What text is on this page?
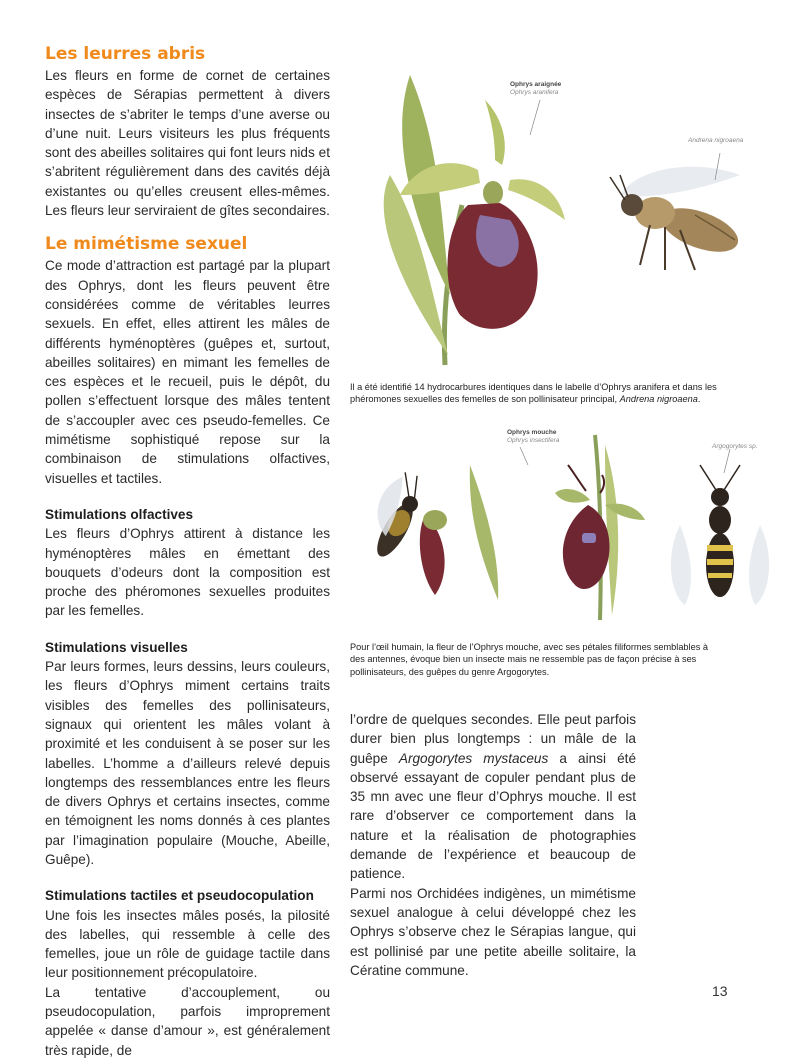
Les leurres abris

Les fleurs en forme de cornet de certaines espèces de Sérapias permettent à divers insectes de s’abriter le temps d’une averse ou d’une nuit. Leurs visiteurs les plus fréquents sont des abeilles solitaires qui font leurs nids et s’abritent régulièrement dans des cavités déjà existantes ou qu’elles creusent elles-mêmes. Les fleurs leur serviraient de gîtes secondaires.

Le mimétisme sexuel

Ce mode d’attraction est partagé par la plupart des Ophrys, dont les fleurs peuvent être considérées comme de véritables leurres sexuels. En effet, elles attirent les mâles de différents hyménoptères (guêpes et, surtout, abeilles solitaires) en mimant les femelles de ces espèces et le recueil, puis le dépôt, du pollen s’effectuent lorsque des mâles tentent de s’accoupler avec ces pseudo-femelles. Ce mimétisme sophistiqué repose sur la combinaison de stimulations olfactives, visuelles et tactiles.

Stimulations olfactives

Les fleurs d’Ophrys attirent à distance les hyménoptères mâles en émettant des bouquets d’odeurs dont la composition est proche des phéromones sexuelles produites par les femelles.

Stimulations visuelles

Par leurs formes, leurs dessins, leurs couleurs, les fleurs d’Ophrys miment certains traits visibles des femelles des pollinisateurs, signaux qui orientent les mâles volant à proximité et les conduisent à se poser sur les labelles. L’homme a d’ailleurs relevé depuis longtemps des ressemblances entre les fleurs de divers Ophrys et certains insectes, comme en témoignent les noms donnés à ces plantes par l’imagination populaire (Mouche, Abeille, Guêpe).

Stimulations tactiles et pseudocopulation

Une fois les insectes mâles posés, la pilosité des labelles, qui ressemble à celle des femelles, joue un rôle de guidage tactile dans leur positionnement précopulatoire.

La tentative d’accouplement, ou pseudocopulation, parfois improprement appelée « danse d’amour », est généralement très rapide, de

Ophrys araignée
Ophrys aranifera
Andrena nigroaena
Il a été identifié 14 hydrocarbures identiques dans le labelle d’Ophrys aranifera et dans les phéromones sexuelles des femelles de son pollinisateur principal, Andrena nigroaena.
Ophrys mouche
Ophrys insectifera
Argogorytes sp.
Pour l’œil humain, la fleur de l’Ophrys mouche, avec ses pétales filiformes semblables à des antennes, évoque bien un insecte mais ne ressemble pas de façon précise à ses pollinisateurs, des guêpes du genre Argogorytes.

l’ordre de quelques secondes. Elle peut parfois durer bien plus longtemps : un mâle de la guêpe Argogorytes mystaceus a ainsi été observé essayant de copuler pendant plus de 35 mn avec une fleur d’Ophrys mouche. Il est rare d’observer ce comportement dans la nature et la réalisation de photographies demande de l’expérience et beaucoup de patience.

Parmi nos Orchidées indigènes, un mimétisme sexuel analogue à celui développé chez les Ophrys s’observe chez le Sérapias langue, qui est pollinisé par une petite abeille solitaire, la Cératine commune.

13
